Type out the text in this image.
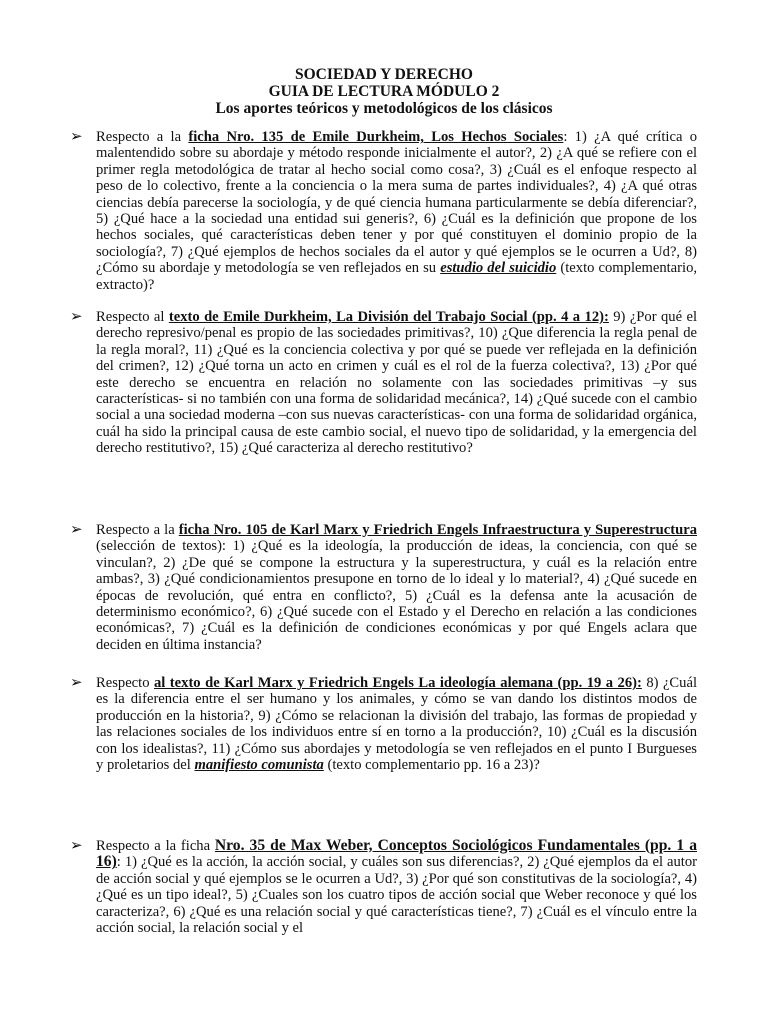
SOCIEDAD Y DERECHO
GUIA DE LECTURA MÓDULO 2
Los aportes teóricos y metodológicos de los clásicos
➢ Respecto a la ficha Nro. 135 de Emile Durkheim, Los Hechos Sociales: 1) ¿A qué crítica o malentendido sobre su abordaje y método responde inicialmente el autor?, 2) ¿A qué se refiere con el primer regla metodológica de tratar al hecho social como cosa?, 3) ¿Cuál es el enfoque respecto al peso de lo colectivo, frente a la conciencia o la mera suma de partes individuales?, 4) ¿A qué otras ciencias debía parecerse la sociología, y de qué ciencia humana particularmente se debía diferenciar?, 5) ¿Qué hace a la sociedad una entidad sui generis?, 6) ¿Cuál es la definición que propone de los hechos sociales, qué características deben tener y por qué constituyen el dominio propio de la sociología?, 7) ¿Qué ejemplos de hechos sociales da el autor y qué ejemplos se le ocurren a Ud?, 8) ¿Cómo su abordaje y metodología se ven reflejados en su estudio del suicidio (texto complementario, extracto)?

➢ Respecto al texto de Emile Durkheim, La División del Trabajo Social (pp. 4 a 12): 9) ¿Por qué el derecho represivo/penal es propio de las sociedades primitivas?, 10) ¿Que diferencia la regla penal de la regla moral?, 11) ¿Qué es la conciencia colectiva y por qué se puede ver reflejada en la definición del crimen?, 12) ¿Qué torna un acto en crimen y cuál es el rol de la fuerza colectiva?, 13) ¿Por qué este derecho se encuentra en relación no solamente con las sociedades primitivas –y sus características- si no también con una forma de solidaridad mecánica?, 14) ¿Qué sucede con el cambio social a una sociedad moderna –con sus nuevas características- con una forma de solidaridad orgánica, cuál ha sido la principal causa de este cambio social, el nuevo tipo de solidaridad, y la emergencia del derecho restitutivo?, 15) ¿Qué caracteriza al derecho restitutivo?

➢ Respecto a la ficha Nro. 105 de Karl Marx y Friedrich Engels Infraestructura y Superestructura (selección de textos): 1) ¿Qué es la ideología, la producción de ideas, la conciencia, con qué se vinculan?, 2) ¿De qué se compone la estructura y la superestructura, y cuál es la relación entre ambas?, 3) ¿Qué condicionamientos presupone en torno de lo ideal y lo material?, 4) ¿Qué sucede en épocas de revolución, qué entra en conflicto?, 5) ¿Cuál es la defensa ante la acusación de determinismo económico?, 6) ¿Qué sucede con el Estado y el Derecho en relación a las condiciones económicas?, 7) ¿Cuál es la definición de condiciones económicas y por qué Engels aclara que deciden en última instancia?

➢ Respecto al texto de Karl Marx y Friedrich Engels La ideología alemana (pp. 19 a 26): 8) ¿Cuál es la diferencia entre el ser humano y los animales, y cómo se van dando los distintos modos de producción en la historia?, 9) ¿Cómo se relacionan la división del trabajo, las formas de propiedad y las relaciones sociales de los individuos entre sí en torno a la producción?, 10) ¿Cuál es la discusión con los idealistas?, 11) ¿Cómo sus abordajes y metodología se ven reflejados en el punto I Burgueses y proletarios del manifiesto comunista (texto complementario pp. 16 a 23)?

➢ Respecto a la ficha Nro. 35 de Max Weber, Conceptos Sociológicos Fundamentales (pp. 1 a 16): 1) ¿Qué es la acción, la acción social, y cuáles son sus diferencias?, 2) ¿Qué ejemplos da el autor de acción social y qué ejemplos se le ocurren a Ud?, 3) ¿Por qué son constitutivas de la sociología?, 4) ¿Qué es un tipo ideal?, 5) ¿Cuales son los cuatro tipos de acción social que Weber reconoce y qué los caracteriza?, 6) ¿Qué es una relación social y qué características tiene?, 7) ¿Cuál es el vínculo entre la acción social, la relación social y el
